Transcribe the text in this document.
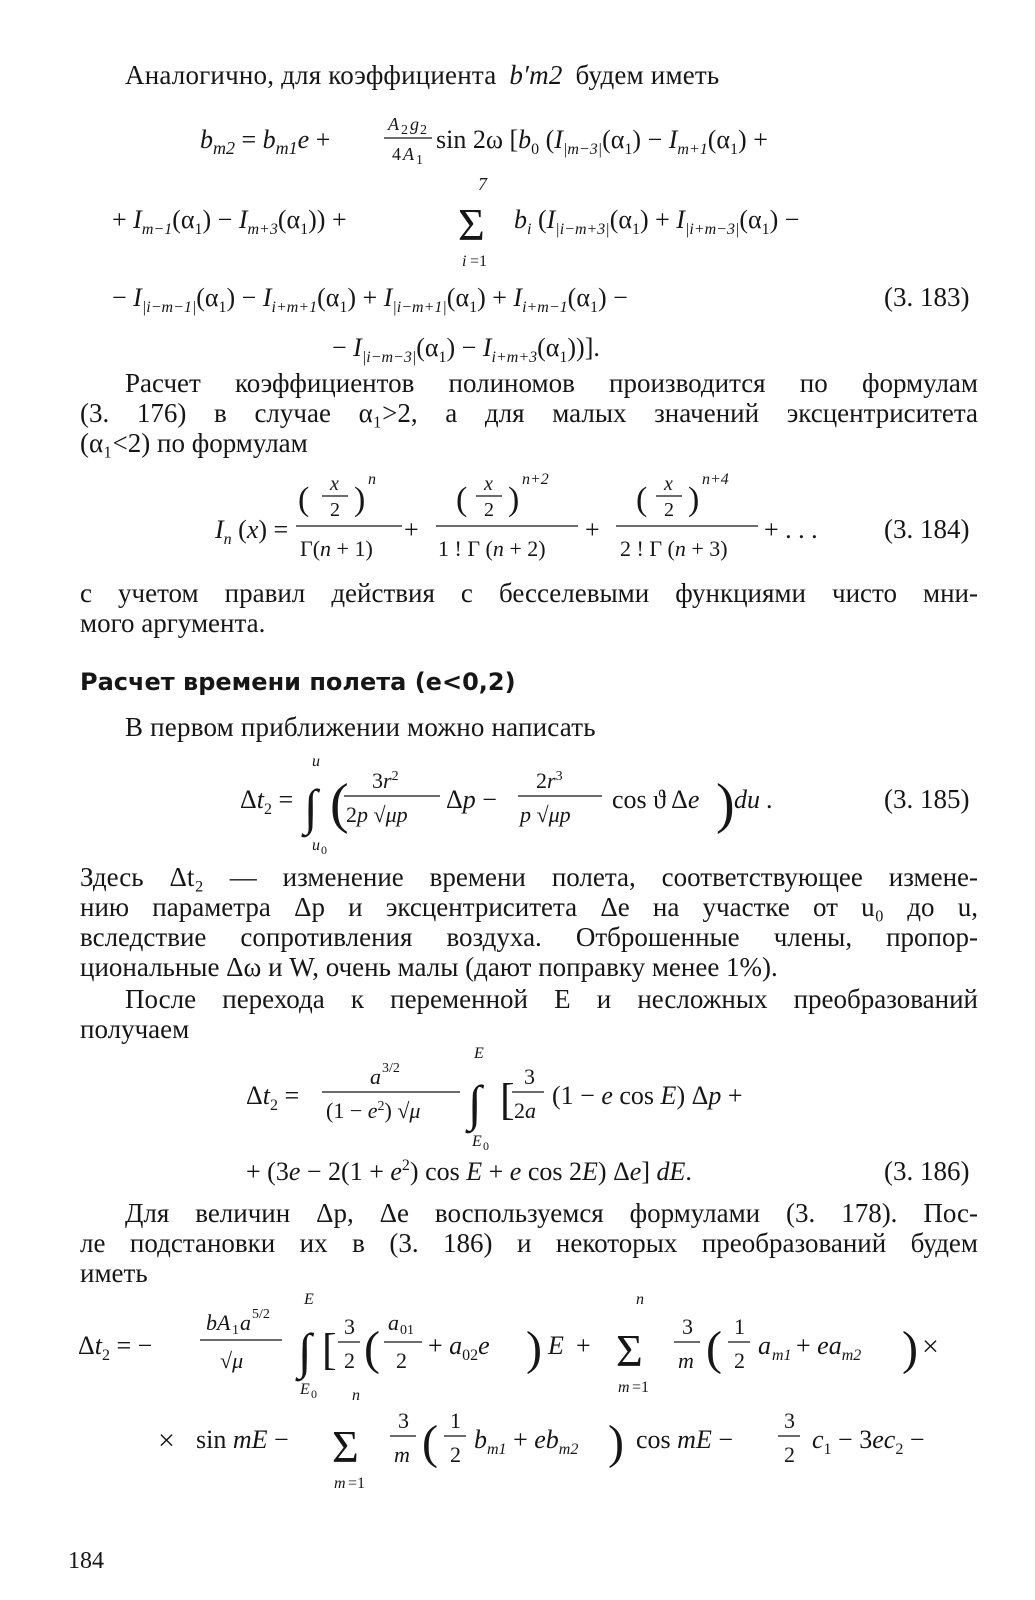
Аналогично, для коэффициента b′m2 будем иметь
$b_{m2} = b_{m1}e$ +
A 2 g 2
4 A 1
sin 2ω [$b_0$ ($I_{|m-3|}(\alpha_1) - I_{m+1}(\alpha_1)$ +
+ $I_{m-1}(\alpha_1) - I_{m+3}(\alpha_1)$) +
7
Σ
i =1
$b_i$ ($I_{|i-m+3|}(\alpha_1) + I_{|i+m-3|}(\alpha_1)$ −
− $I_{|i-m-1|}(\alpha_1) - I_{i+m+1}(\alpha_1) + I_{|i-m+1|}(\alpha_1) + I_{i+m-1}(\alpha_1)$ −	(3. 183)
− $I_{|i-m-3|}(\alpha_1) - I_{i+m+3}(\alpha_1)$)].
Расчет коэффициентов полиномов производится по формулам
(3. 176) в случае α₁>2, а для малых значений эксцентриситета
(α₁<2) по формулам
$I_n$ (x) =
( x
2 )
n
Γ(n + 1)
+
( x
2 )
n+2
1 ! Γ (n + 2)
+
( x
2 )
n+4
2 ! Γ (n + 3)
+ . . . (3. 184)
с учетом правил действия с бесселевыми функциями чисто мни-
мого аргумента.
Расчет времени полета (e<0,2)
В первом приближении можно написать
$\Delta t_2$ =
u
∫
u 0
( $3r^2$
2p √μp
Δp −
$2r^3$
p √μp
cos ϑ Δe ) du .	(3. 185)
Здесь Δt₂ — изменение времени полета, соответствующее измене-
нию параметра Δp и эксцентриситета Δe на участке от u₀ до u,
вследствие сопротивления воздуха. Отброшенные члены, пропор-
циональные Δω и W, очень малы (дают поправку менее 1%).
После перехода к переменной E и несложных преобразований
получаем
$\Delta t_2$ =
a 3/2
$(1 - e^2)$ √μ
E
∫
E 0
[ 3
2a
(1 − e cos E) Δp +
+ ($3e - 2(1 + e^2)$ cos E + e cos 2E) Δe] dE.	(3. 186)
Для величин Δp, Δe воспользуемся формулами (3. 178). Пос-
ле подстановки их в (3. 186) и некоторых преобразований будем
иметь
$\Delta t_2$ = −
bA 1 a 5/2
√μ
E
∫
E 0
[ 3
2 ( a 01
2
+ $a_{02}e$ ) E +
n
Σ
m =1
3
m ( 1
2
a $m1 + ea_{m2}$ ) ×
× sin mE −
n
Σ
m =1
3
m ( 1
2
$b_{m1} + eb_{m2}$ ) cos mE −
3
2
$c_1 - 3ec_2$ −
184
